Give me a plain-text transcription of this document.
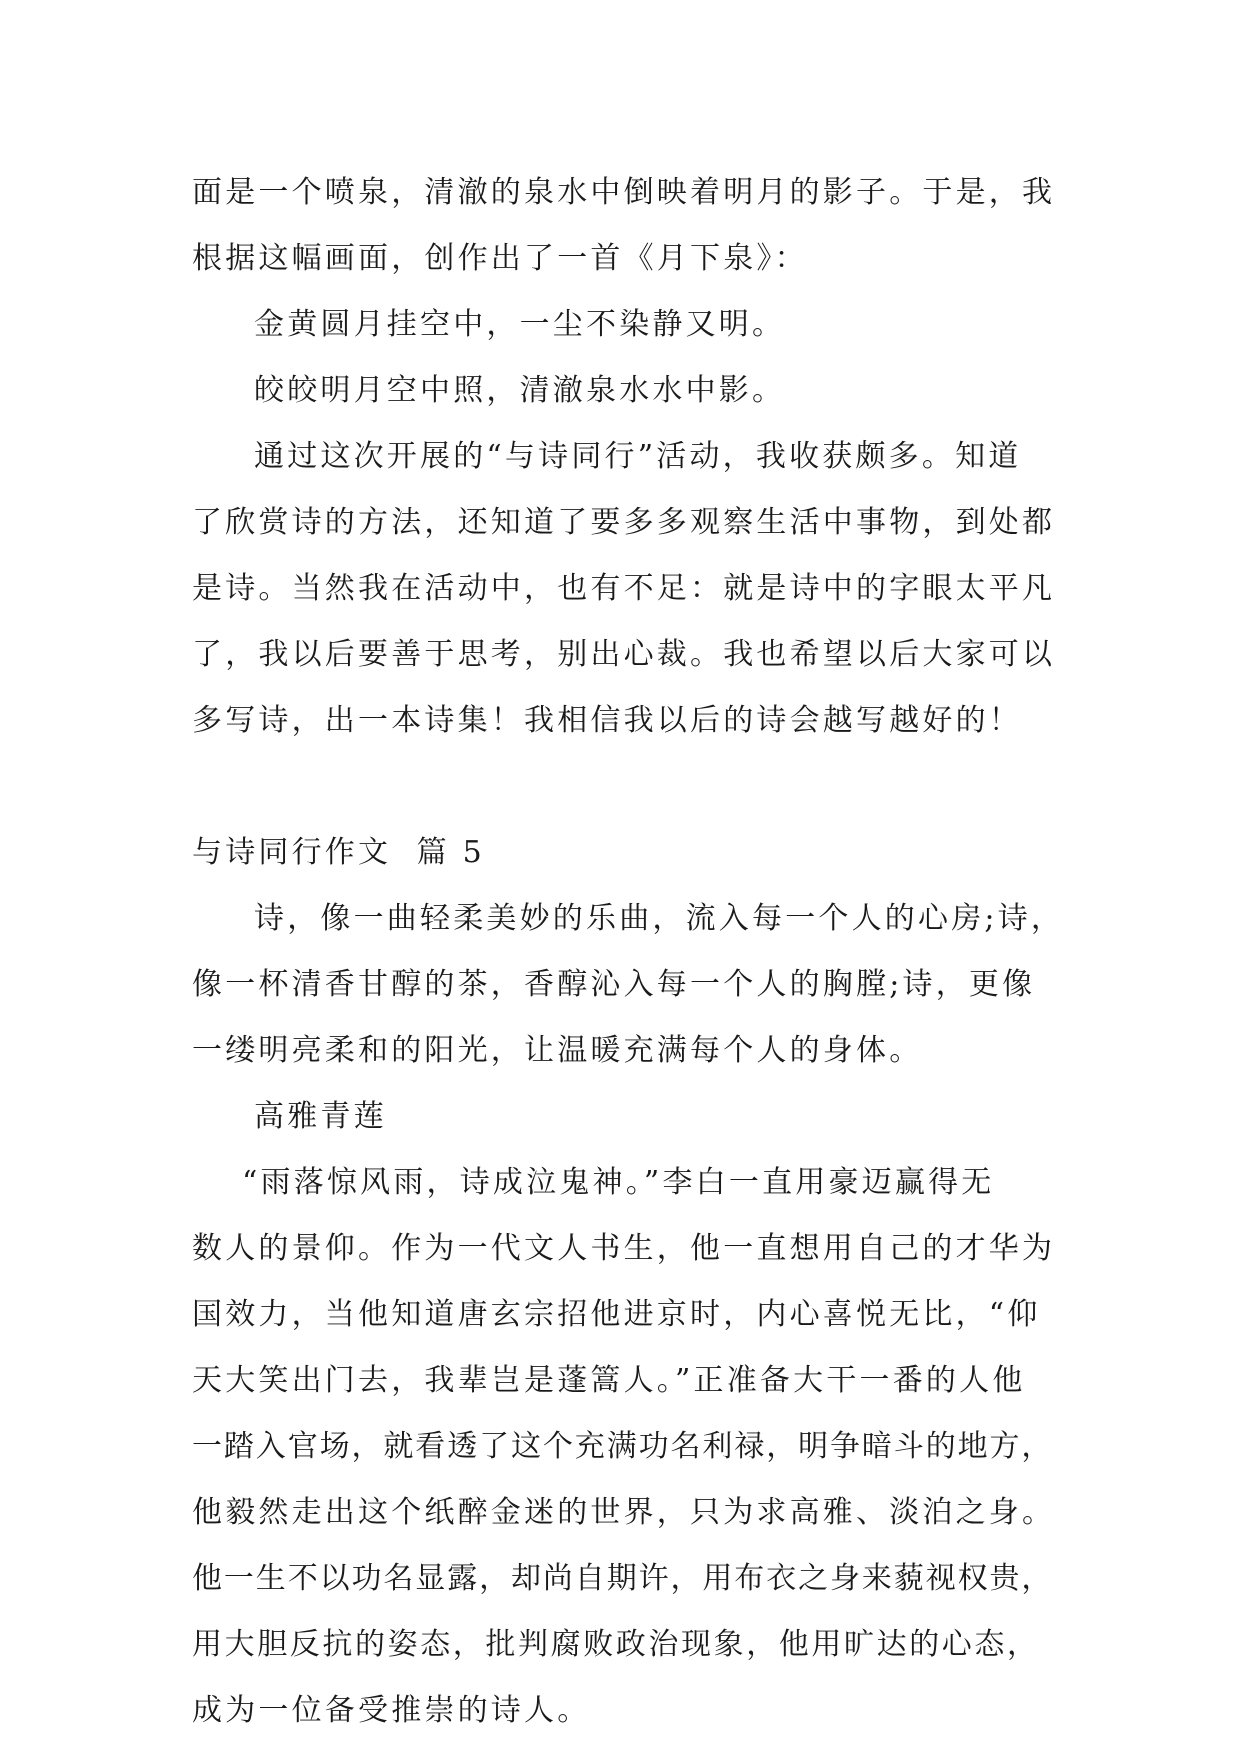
面是一个喷泉，清澈的泉水中倒映着明月的影子。于是，我
根据这幅画面，创作出了一首《月下泉》：
金黄圆月挂空中，一尘不染静又明。
皎皎明月空中照，清澈泉水水中影。
通过这次开展的“与诗同行”活动，我收获颇多。知道
了欣赏诗的方法，还知道了要多多观察生活中事物，到处都
是诗。当然我在活动中，也有不足：就是诗中的字眼太平凡
了，我以后要善于思考，别出心裁。我也希望以后大家可以
多写诗，出一本诗集！我相信我以后的诗会越写越好的！
与诗同行作文  篇 5
诗，像一曲轻柔美妙的乐曲，流入每一个人的心房;诗，
像一杯清香甘醇的茶，香醇沁入每一个人的胸膛;诗，更像
一缕明亮柔和的阳光，让温暖充满每个人的身体。
高雅青莲
“雨落惊风雨，诗成泣鬼神。”李白一直用豪迈赢得无
数人的景仰。作为一代文人书生，他一直想用自己的才华为
国效力，当他知道唐玄宗招他进京时，内心喜悦无比，“仰
天大笑出门去，我辈岂是蓬篙人。”正准备大干一番的人他
一踏入官场，就看透了这个充满功名利禄，明争暗斗的地方，
他毅然走出这个纸醉金迷的世界，只为求高雅、淡泊之身。
他一生不以功名显露，却尚自期许，用布衣之身来藐视权贵，
用大胆反抗的姿态，批判腐败政治现象，他用旷达的心态，
成为一位备受推崇的诗人。
